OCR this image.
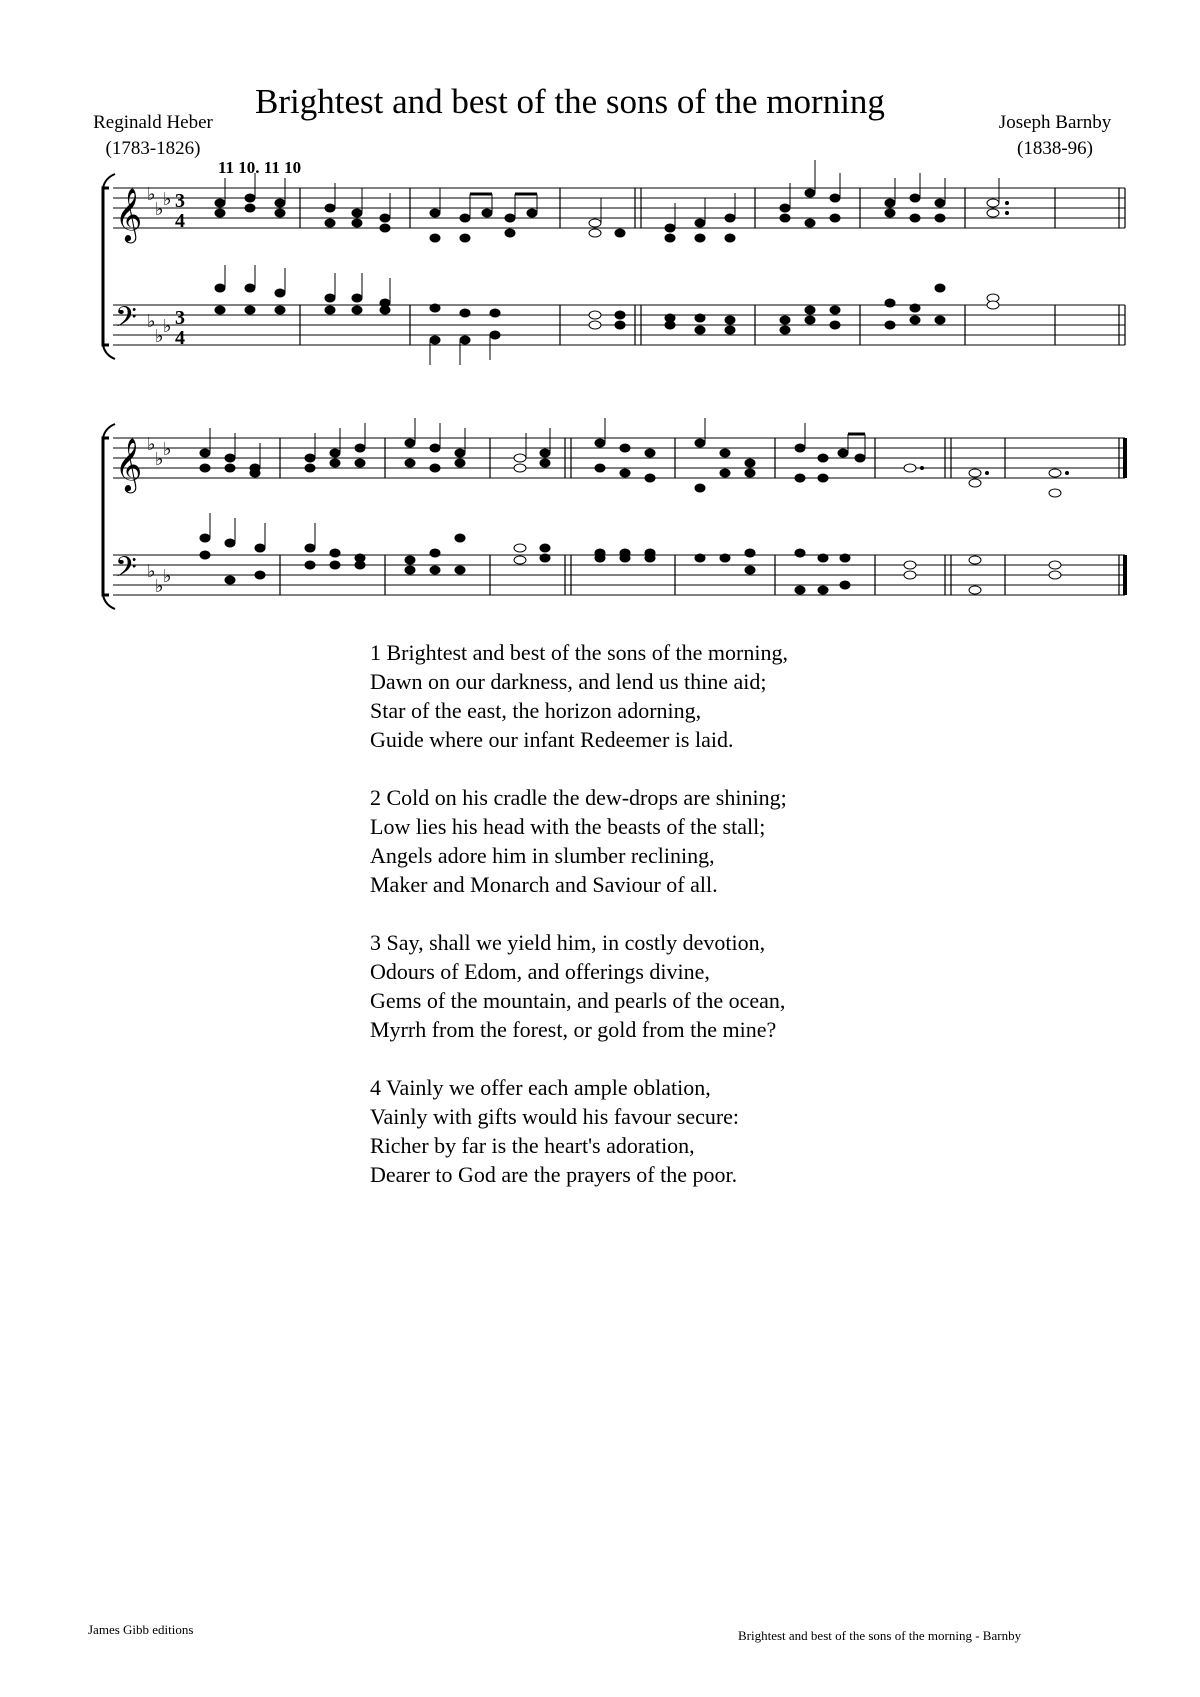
Brightest and best of the sons of the morning
Reginald Heber
(1783-1826)
Joseph Barnby
(1838-96)
11 10. 11 10
𝄞
𝄢
♭
♭ ♭
♭
♭ ♭
3
4
3
4
𝄞
𝄢
♭
♭ ♭
♭
♭ ♭
1 Brightest and best of the sons of the morning,
Dawn on our darkness, and lend us thine aid;
Star of the east, the horizon adorning,
Guide where our infant Redeemer is laid.
2 Cold on his cradle the dew-drops are shining;
Low lies his head with the beasts of the stall;
Angels adore him in slumber reclining,
Maker and Monarch and Saviour of all.
3 Say, shall we yield him, in costly devotion,
Odours of Edom, and offerings divine,
Gems of the mountain, and pearls of the ocean,
Myrrh from the forest, or gold from the mine?
4 Vainly we offer each ample oblation,
Vainly with gifts would his favour secure:
Richer by far is the heart's adoration,
Dearer to God are the prayers of the poor.
James Gibb editions	Brightest and best of the sons of the morning - Barnby
